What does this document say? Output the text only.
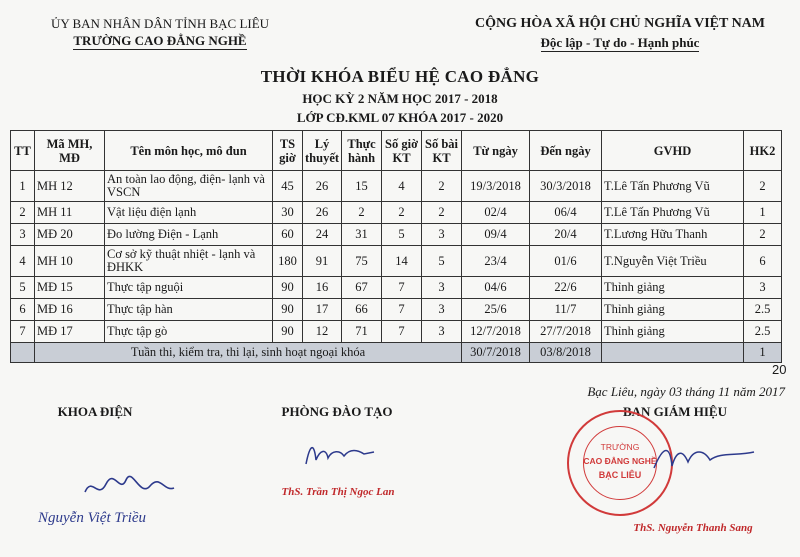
ỦY BAN NHÂN DÂN TỈNH BẠC LIÊU
TRƯỜNG CAO ĐẲNG NGHỀ
CỘNG HÒA XÃ HỘI CHỦ NGHĨA VIỆT NAM
Độc lập - Tự do - Hạnh phúc
THỜI KHÓA BIỂU HỆ CAO ĐẲNG
HỌC KỲ 2 NĂM HỌC 2017 - 2018
LỚP CĐ.KML 07 KHÓA 2017 - 2020
TT	Mã MH, MĐ	Tên môn học, mô đun	TS giờ	Lý thuyết	Thực hành	Số giờ KT	Số bài KT	Từ ngày	Đến ngày	GVHD	HK2
1	MH 12	An toàn lao động, điện- lạnh và VSCN	45	26	15	4	2	19/3/2018	30/3/2018	T.Lê Tấn Phương Vũ	2
2	MH 11	Vật liệu điện lạnh	30	26	2	2	2	02/4	06/4	T.Lê Tấn Phương Vũ	1
3	MĐ 20	Đo lường Điện - Lạnh	60	24	31	5	3	09/4	20/4	T.Lương Hữu Thanh	2
4	MH 10	Cơ sở kỹ thuật nhiệt - lạnh và ĐHKK	180	91	75	14	5	23/4	01/6	T.Nguyễn Việt Triều	6
5	MĐ 15	Thực tập nguội	90	16	67	7	3	04/6	22/6	Thỉnh giảng	3
6	MĐ 16	Thực tập hàn	90	17	66	7	3	25/6	11/7	Thỉnh giảng	2.5
7	MĐ 17	Thực tập gò	90	12	71	7	3	12/7/2018	27/7/2018	Thỉnh giảng	2.5
	Tuần thi, kiểm tra, thi lại, sinh hoạt ngoại khóa							30/7/2018	03/8/2018		1
20
Bạc Liêu, ngày 03 tháng 11 năm 2017
KHOA ĐIỆN	PHÒNG ĐÀO TẠO	BAN GIÁM HIỆU
Nguyễn Việt Triều
ThS. Trần Thị Ngọc Lan
TRƯỜNG
CAO ĐẲNG NGHỀ
BẠC LIÊU
ThS. Nguyễn Thanh Sang
